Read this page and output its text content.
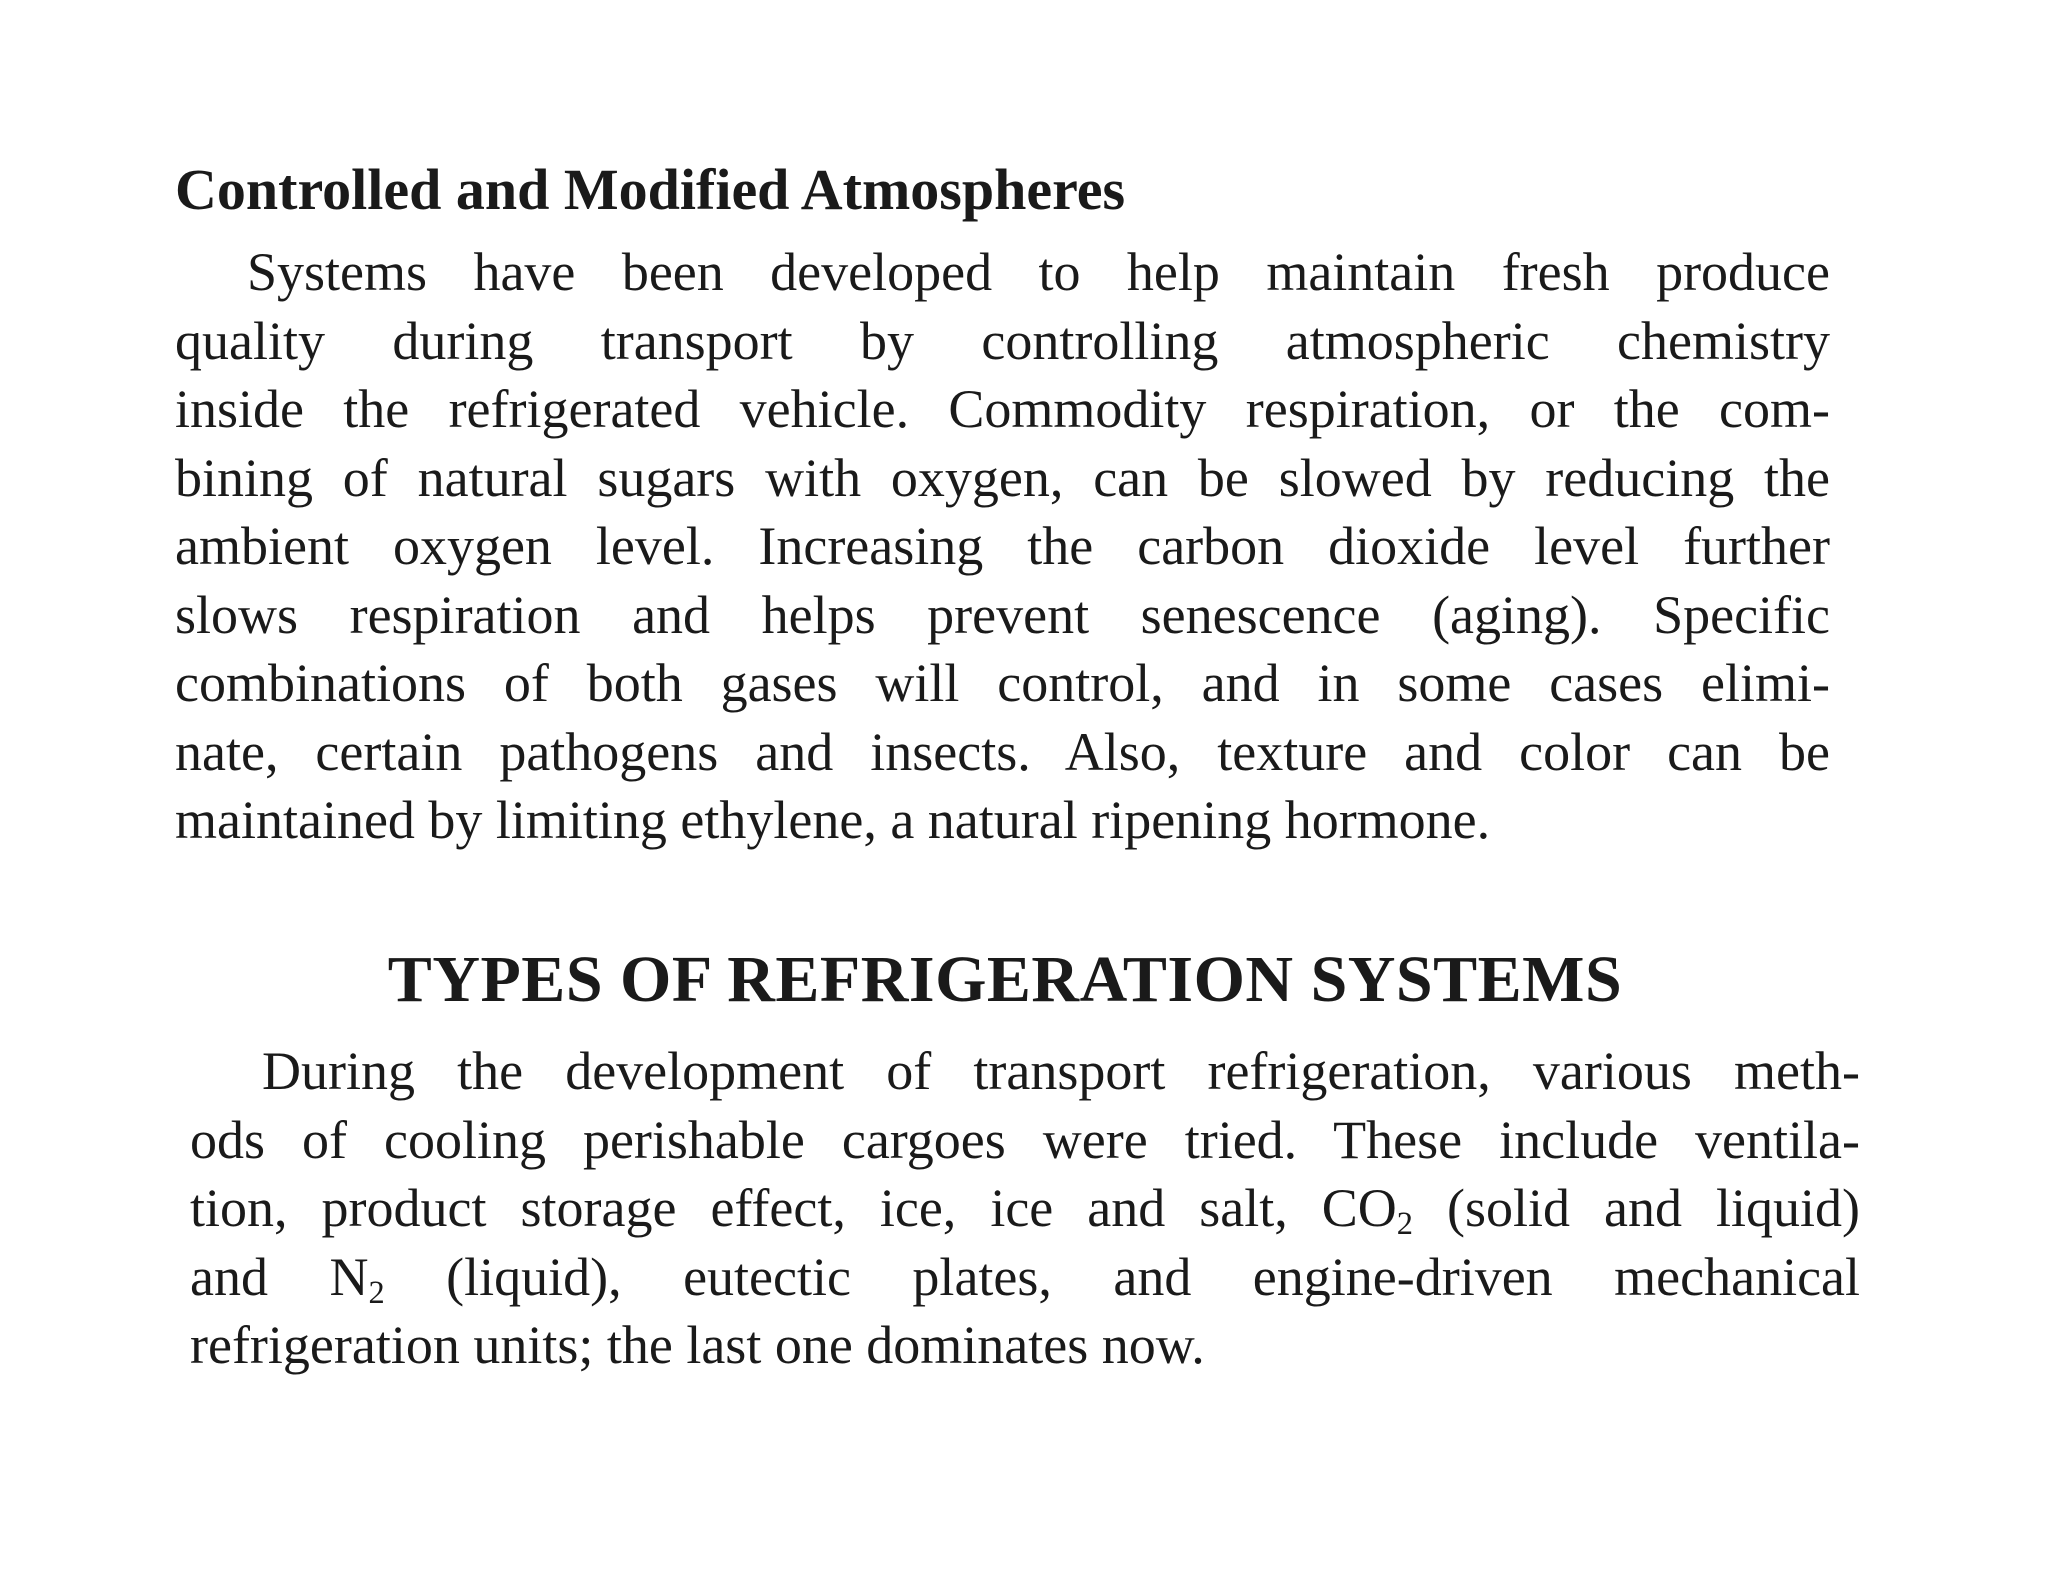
Controlled and Modified Atmospheres

Systems have been developed to help maintain fresh produce
quality during transport by controlling atmospheric chemistry
inside the refrigerated vehicle. Commodity respiration, or the com-
bining of natural sugars with oxygen, can be slowed by reducing the
ambient oxygen level. Increasing the carbon dioxide level further
slows respiration and helps prevent senescence (aging). Specific
combinations of both gases will control, and in some cases elimi-
nate, certain pathogens and insects. Also, texture and color can be
maintained by limiting ethylene, a natural ripening hormone.

TYPES OF REFRIGERATION SYSTEMS

During the development of transport refrigeration, various meth-
ods of cooling perishable cargoes were tried. These include ventila-
tion, product storage effect, ice, ice and salt, $CO_2$ (solid and liquid)
and $N_2$ (liquid), eutectic plates, and engine-driven mechanical
refrigeration units; the last one dominates now.
